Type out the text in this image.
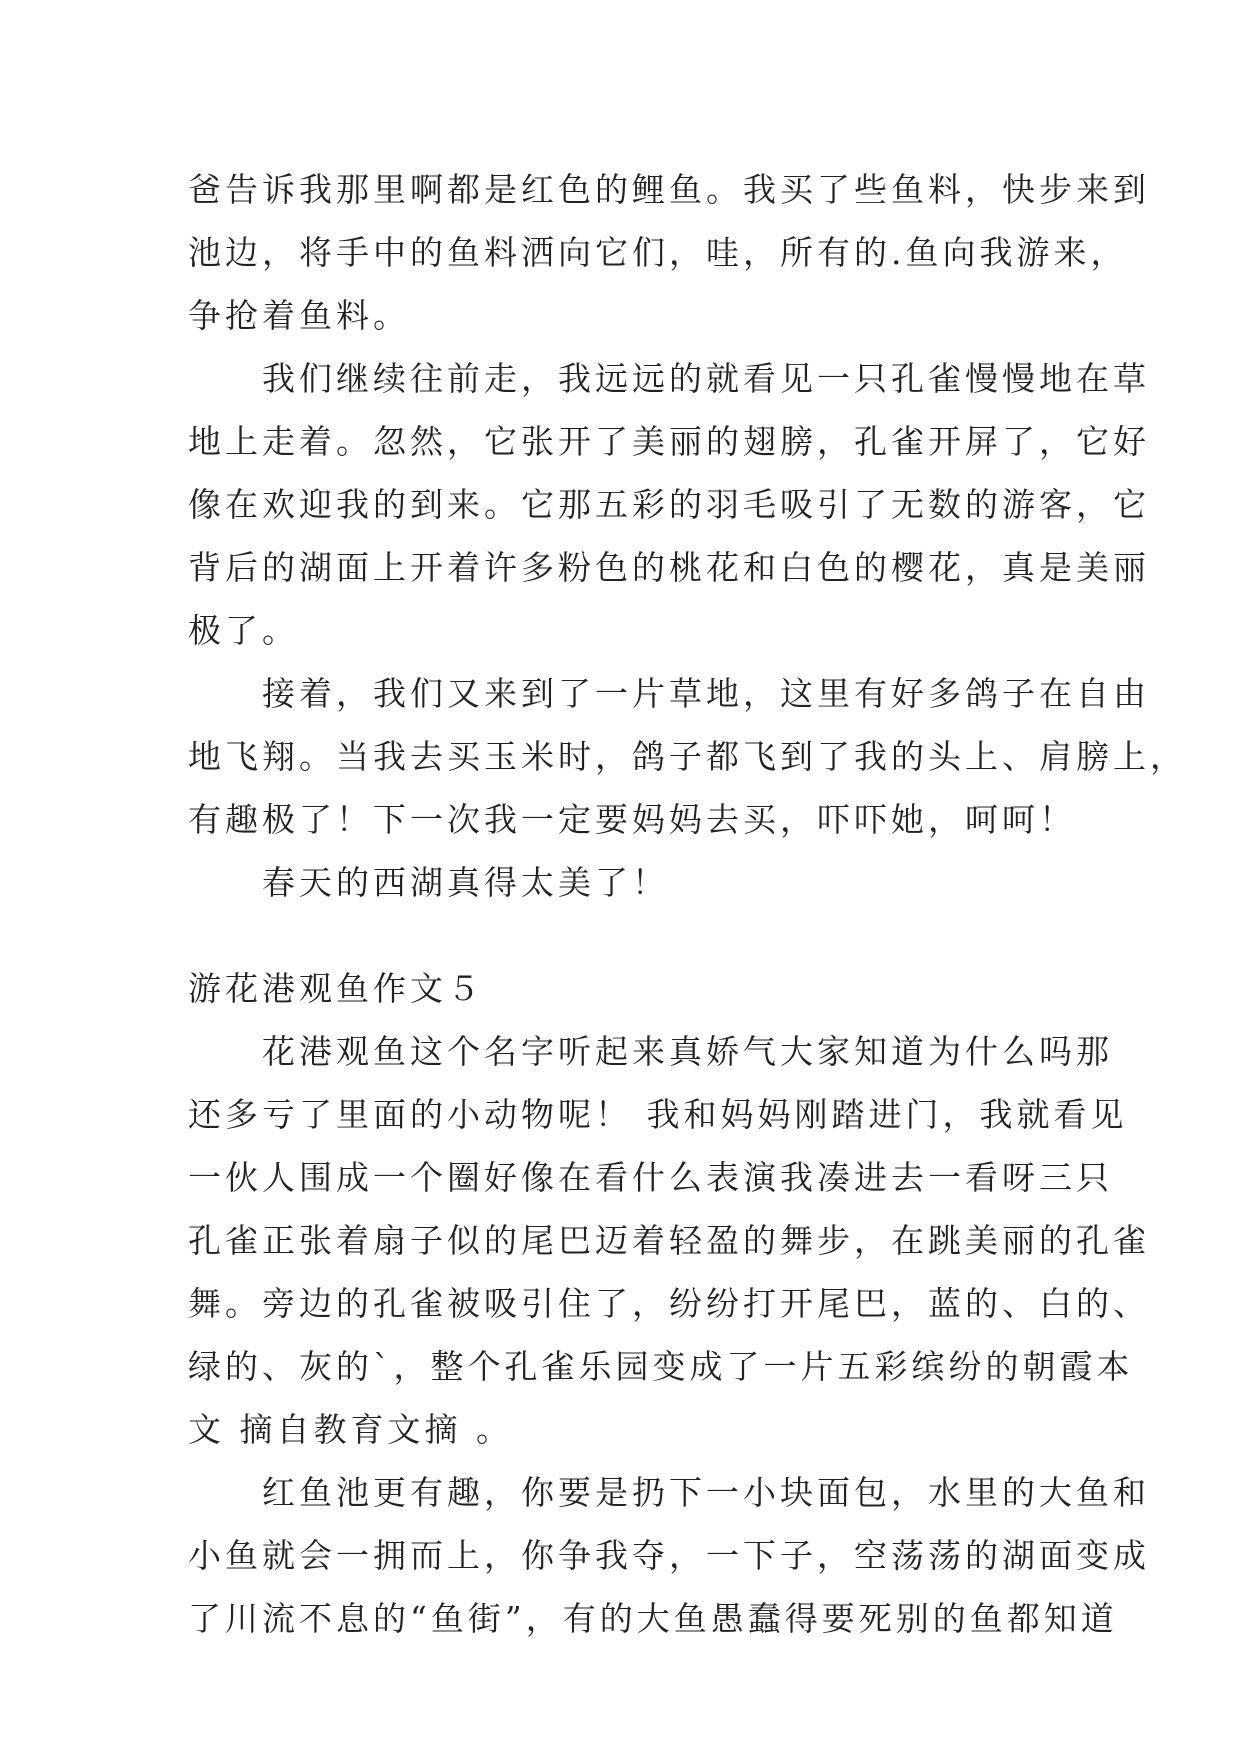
爸告诉我那里啊都是红色的鲤鱼。我买了些鱼料，快步来到
池边，将手中的鱼料洒向它们，哇，所有的.鱼向我游来，
争抢着鱼料。
　　我们继续往前走，我远远的就看见一只孔雀慢慢地在草
地上走着。忽然，它张开了美丽的翅膀，孔雀开屏了，它好
像在欢迎我的到来。它那五彩的羽毛吸引了无数的游客，它
背后的湖面上开着许多粉色的桃花和白色的樱花，真是美丽
极了。
　　接着，我们又来到了一片草地，这里有好多鸽子在自由
地飞翔。当我去买玉米时，鸽子都飞到了我的头上、肩膀上，
有趣极了！下一次我一定要妈妈去买，吓吓她，呵呵！
　　春天的西湖真得太美了！
游花港观鱼作文５
　　花港观鱼这个名字听起来真娇气大家知道为什么吗那
还多亏了里面的小动物呢！ 我和妈妈刚踏进门，我就看见
一伙人围成一个圈好像在看什么表演我凑进去一看呀三只
孔雀正张着扇子似的尾巴迈着轻盈的舞步，在跳美丽的孔雀
舞。旁边的孔雀被吸引住了，纷纷打开尾巴，蓝的、白的、
绿的、灰的`，整个孔雀乐园变成了一片五彩缤纷的朝霞本
文 摘自教育文摘 。
　　红鱼池更有趣，你要是扔下一小块面包，水里的大鱼和
小鱼就会一拥而上，你争我夺，一下子，空荡荡的湖面变成
了川流不息的“鱼街”，有的大鱼愚蠢得要死别的鱼都知道
